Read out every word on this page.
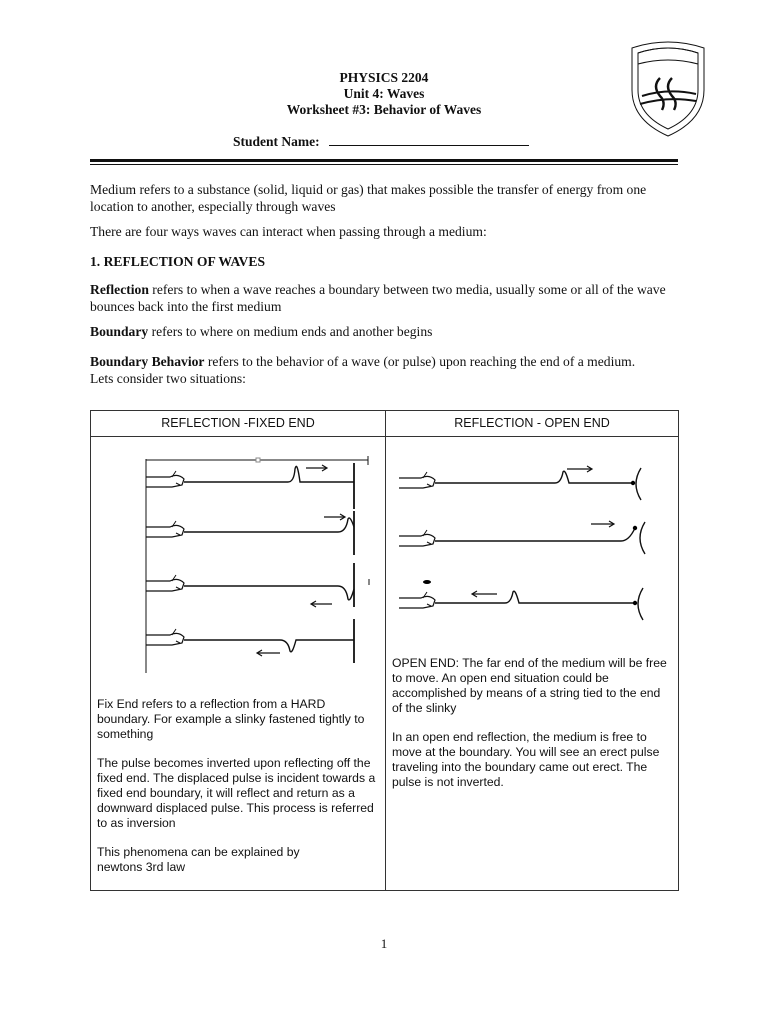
PHYSICS 2204
Unit 4: Waves
Worksheet #3: Behavior of Waves
Student Name:
Medium refers to a substance (solid, liquid or gas) that makes possible the transfer of energy from one location to another, especially through waves
There are four ways waves can interact when passing through a medium:
1. REFLECTION OF WAVES
Reflection refers to when a wave reaches a boundary between two media, usually some or all of the wave bounces back into the first medium
Boundary refers to where on medium ends and another begins
Boundary Behavior refers to the behavior of a wave (or pulse) upon reaching the end of a medium. Lets consider two situations:
REFLECTION -FIXED END	REFLECTION - OPEN END

Fix End refers to a reflection from a HARD boundary. For example a slinky fastened tightly to something

The pulse becomes inverted upon reflecting off the fixed end. The displaced pulse is incident towards a fixed end boundary, it will reflect and return as a downward displaced pulse. This process is referred to as inversion

This phenomena can be explained by newtons 3rd law

OPEN END: The far end of the medium will be free to move. An open end situation could be accomplished by means of a string tied to the end of the slinky

In an open end reflection, the medium is free to move at the boundary. You will see an erect pulse traveling into the boundary came out erect. The pulse is not inverted.

1
